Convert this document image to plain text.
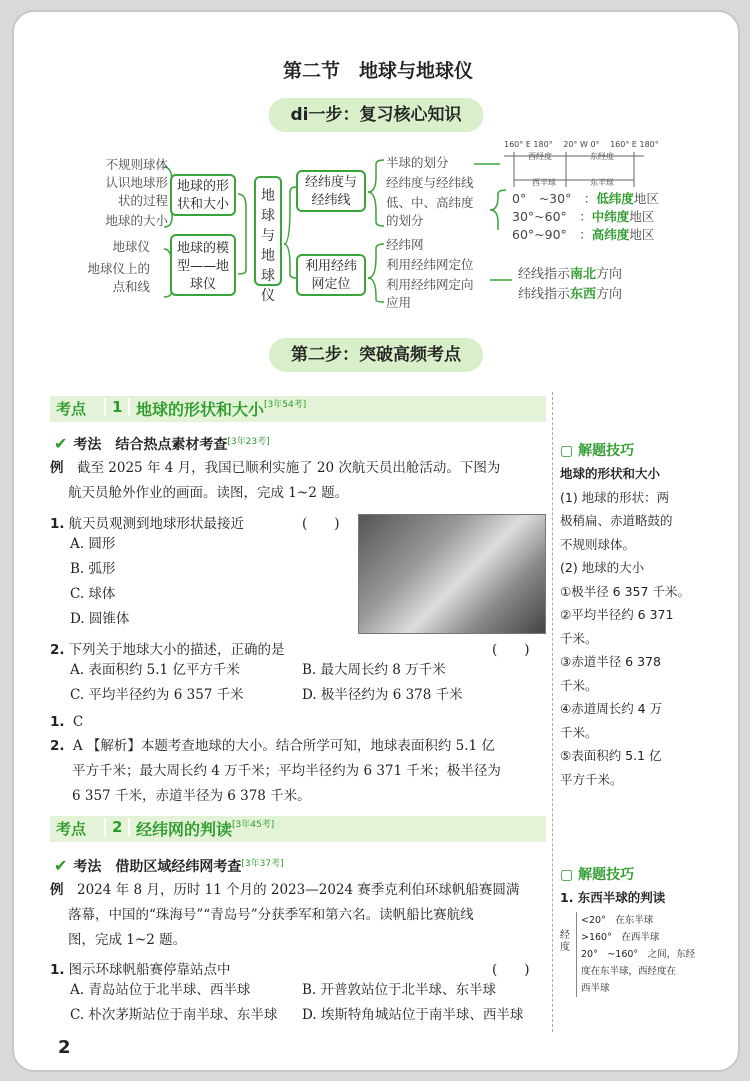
第二节　地球与地球仪
di一步：复习核心知识
不规则球体
认识地球形
状的过程
地球的大小
地球仪
地球仪上的
点和线
地球的形状和大小
地球的模型——地球仪
地球与地球仪
经纬度与经纬线
利用经纬网定位
半球的划分
经纬度与经纬线
低、中、高纬度
的划分
经纬网
利用经纬网定位
利用经纬网定向
应用
160° E 180° 20° W 0° 160° E 180°
西经度	东经度
西半球	东半球
0°　~30°　：低纬度地区
30°~60°　：中纬度地区
60°~90°　：高纬度地区
经线指示南北方向
纬线指示东西方向
第二步：突破高频考点
考点	1 地球的形状和大小[3年54考]
✔ 考法　 结合热点素材考查[3年23考]
例　 截至 2025 年 4 月，我国已顺利实施了 20 次航天员出舱活动。下图为
航天员舱外作业的画面。读图，完成 1~2 题。
1. 航天员观测到地球形状最接近	(　　)
A. 圆形
B. 弧形
C. 球体
D. 圆锥体
2. 下列关于地球大小的描述，正确的是	(　　)
A. 表面积约 5.1 亿平方千米
C. 平均半径约为 6 357 千米
B. 最大周长约 8 万千米
D. 极半径约为 6 378 千米
1. C
2. A 【解析】本题考查地球的大小。结合所学可知，地球表面积约 5.1 亿
平方千米；最大周长约 4 万千米；平均半径约为 6 371 千米；极半径为
6 357 千米，赤道半径为 6 378 千米。
考点	2 经纬网的判读[3年45考]
✔ 考法　 借助区域经纬网考查[3年37考]
例　 2024 年 8 月，历时 11 个月的 2023—2024 赛季克利伯环球帆船赛圆满
落幕，中国的“珠海号”“青岛号”分获季军和第六名。读帆船比赛航线
图，完成 1~2 题。
1. 图示环球帆船赛停靠站点中	(　　)
A. 青岛站位于北半球、西半球
C. 朴次茅斯站位于南半球、东半球
B. 开普敦站位于北半球、东半球
D. 埃斯特角城站位于南半球、西半球
▢ 解题技巧
地球的形状和大小
(1) 地球的形状：两
极稍扁、赤道略鼓的
不规则球体。
(2) 地球的大小
①极半径 6 357 千米。
②平均半径约 6 371
千米。
③赤道半径 6 378
千米。
④赤道周长约 4 万
千米。
⑤表面积约 5.1 亿
平方千米。
▢ 解题技巧
1. 东西半球的判读
经度
<20°　在东半球
>160°　在西半球
20°　~160°　之间，东经
度在东半球，西经度在
西半球
2
